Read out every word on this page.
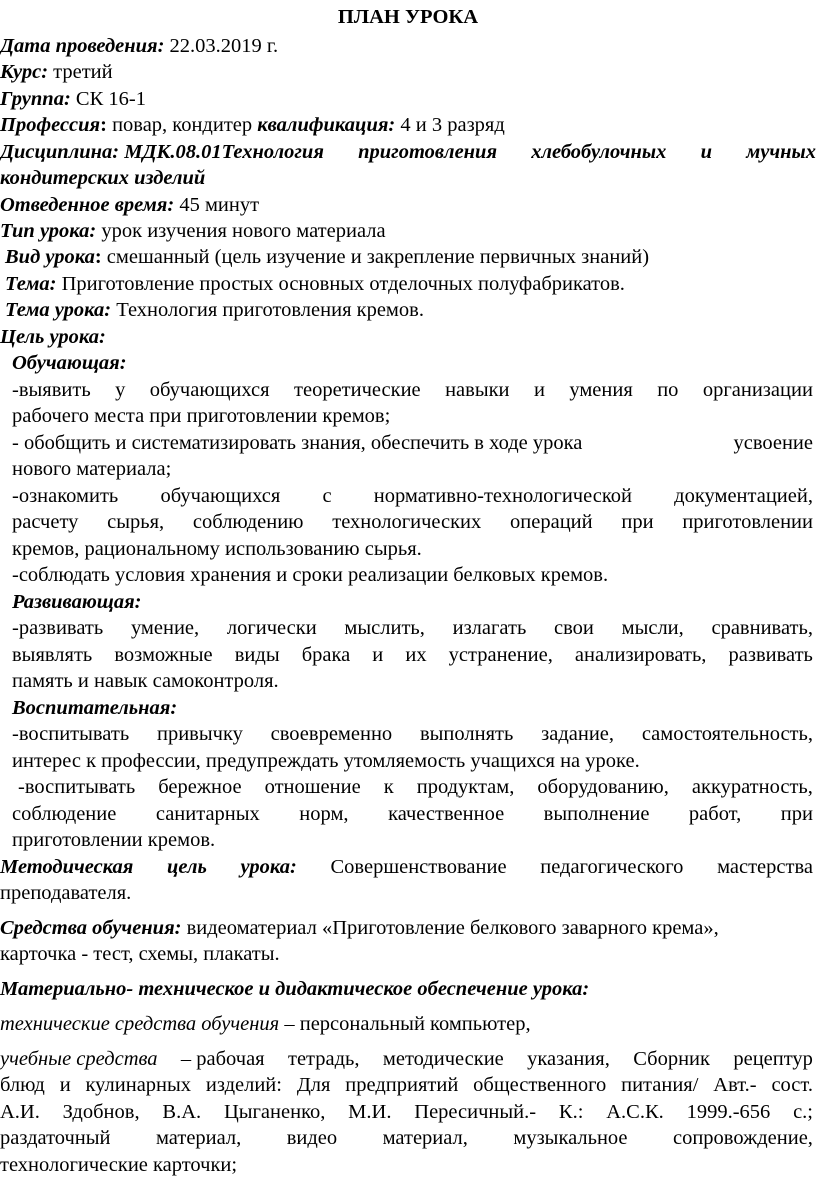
ПЛАН УРОКА
Дата проведения: 22.03.2019 г.
Курс: третий
Группа: СК 16-1
Профессия: повар, кондитер квалификация: 4 и 3 разряд
Дисциплина: МДК.08.01Технология приготовления хлебобулочных и мучных
кондитерских изделий
Отведенное время: 45 минут
Тип урока: урок изучения нового материала
Вид урока: смешанный (цель изучение и закрепление первичных знаний)
Тема: Приготовление простых основных отделочных полуфабрикатов.
Тема урока: Технология приготовления кремов.
Цель урока:
Обучающая:
-выявить у обучающихся теоретические навыки и умения по организации
рабочего места при приготовлении кремов;
- обобщить и систематизировать знания, обеспечить в ходе урока	усвоение
нового материала;
-ознакомить обучающихся с нормативно-технологической документацией,
расчету сырья, соблюдению технологических операций при приготовлении
кремов, рациональному использованию сырья.
-соблюдать условия хранения и сроки реализации белковых кремов.
Развивающая:
-развивать умение, логически мыслить, излагать свои мысли, сравнивать,
выявлять возможные виды брака и их устранение, анализировать, развивать
память и навык самоконтроля.
Воспитательная:
-воспитывать привычку своевременно выполнять задание, самостоятельность,
интерес к профессии, предупреждать утомляемость учащихся на уроке.
-воспитывать бережное отношение к продуктам, оборудованию, аккуратность,
соблюдение санитарных норм, качественное выполнение работ, при
приготовлении кремов.
Методическая цель урока: Совершенствование педагогического мастерства
преподавателя.
Средства обучения: видеоматериал «Приготовление белкового заварного крема»,
карточка - тест, схемы, плакаты.
Материально- техническое и дидактическое обеспечение урока:
технические средства обучения – персональный компьютер,
учебные средства – рабочая тетрадь, методические указания, Сборник рецептур
блюд и кулинарных изделий: Для предприятий общественного питания/ Авт.- сост.
А.И. Здобнов, В.А. Цыганенко, М.И. Пересичный.- К.: А.С.К. 1999.-656 с.;
раздаточный материал, видео материал, музыкальное сопровождение,
технологические карточки;
